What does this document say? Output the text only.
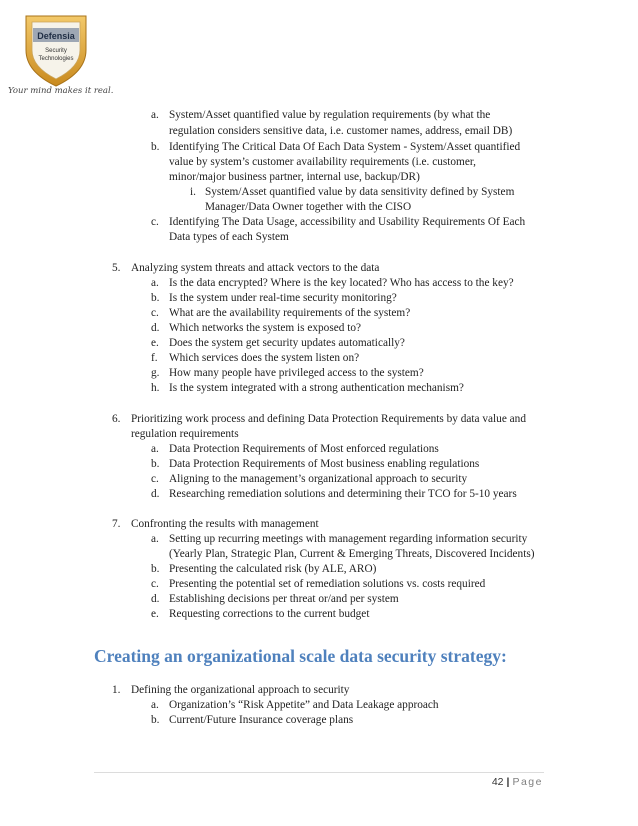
Defensia
Security
Technologies
Your mind makes it real.
a. System/Asset quantified value by regulation requirements (by what the
regulation considers sensitive data, i.e. customer names, address, email DB)
b. Identifying The Critical Data Of Each Data System - System/Asset quantified
value by system’s customer availability requirements (i.e. customer,
minor/major business partner, internal use, backup/DR)
i. System/Asset quantified value by data sensitivity defined by System
Manager/Data Owner together with the CISO
c. Identifying The Data Usage, accessibility and Usability Requirements Of Each
Data types of each System
5. Analyzing system threats and attack vectors to the data
a. Is the data encrypted? Where is the key located? Who has access to the key?
b. Is the system under real-time security monitoring?
c. What are the availability requirements of the system?
d. Which networks the system is exposed to?
e. Does the system get security updates automatically?
f. Which services does the system listen on?
g. How many people have privileged access to the system?
h. Is the system integrated with a strong authentication mechanism?
6. Prioritizing work process and defining Data Protection Requirements by data value and
regulation requirements
a. Data Protection Requirements of Most enforced regulations
b. Data Protection Requirements of Most business enabling regulations
c. Aligning to the management’s organizational approach to security
d. Researching remediation solutions and determining their TCO for 5-10 years
7. Confronting the results with management
a. Setting up recurring meetings with management regarding information security
(Yearly Plan, Strategic Plan, Current & Emerging Threats, Discovered Incidents)
b. Presenting the calculated risk (by ALE, ARO)
c. Presenting the potential set of remediation solutions vs. costs required
d. Establishing decisions per threat or/and per system
e. Requesting corrections to the current budget
Creating an organizational scale data security strategy:
1. Defining the organizational approach to security
a. Organization’s “Risk Appetite” and Data Leakage approach
b. Current/Future Insurance coverage plans
42 | Page
